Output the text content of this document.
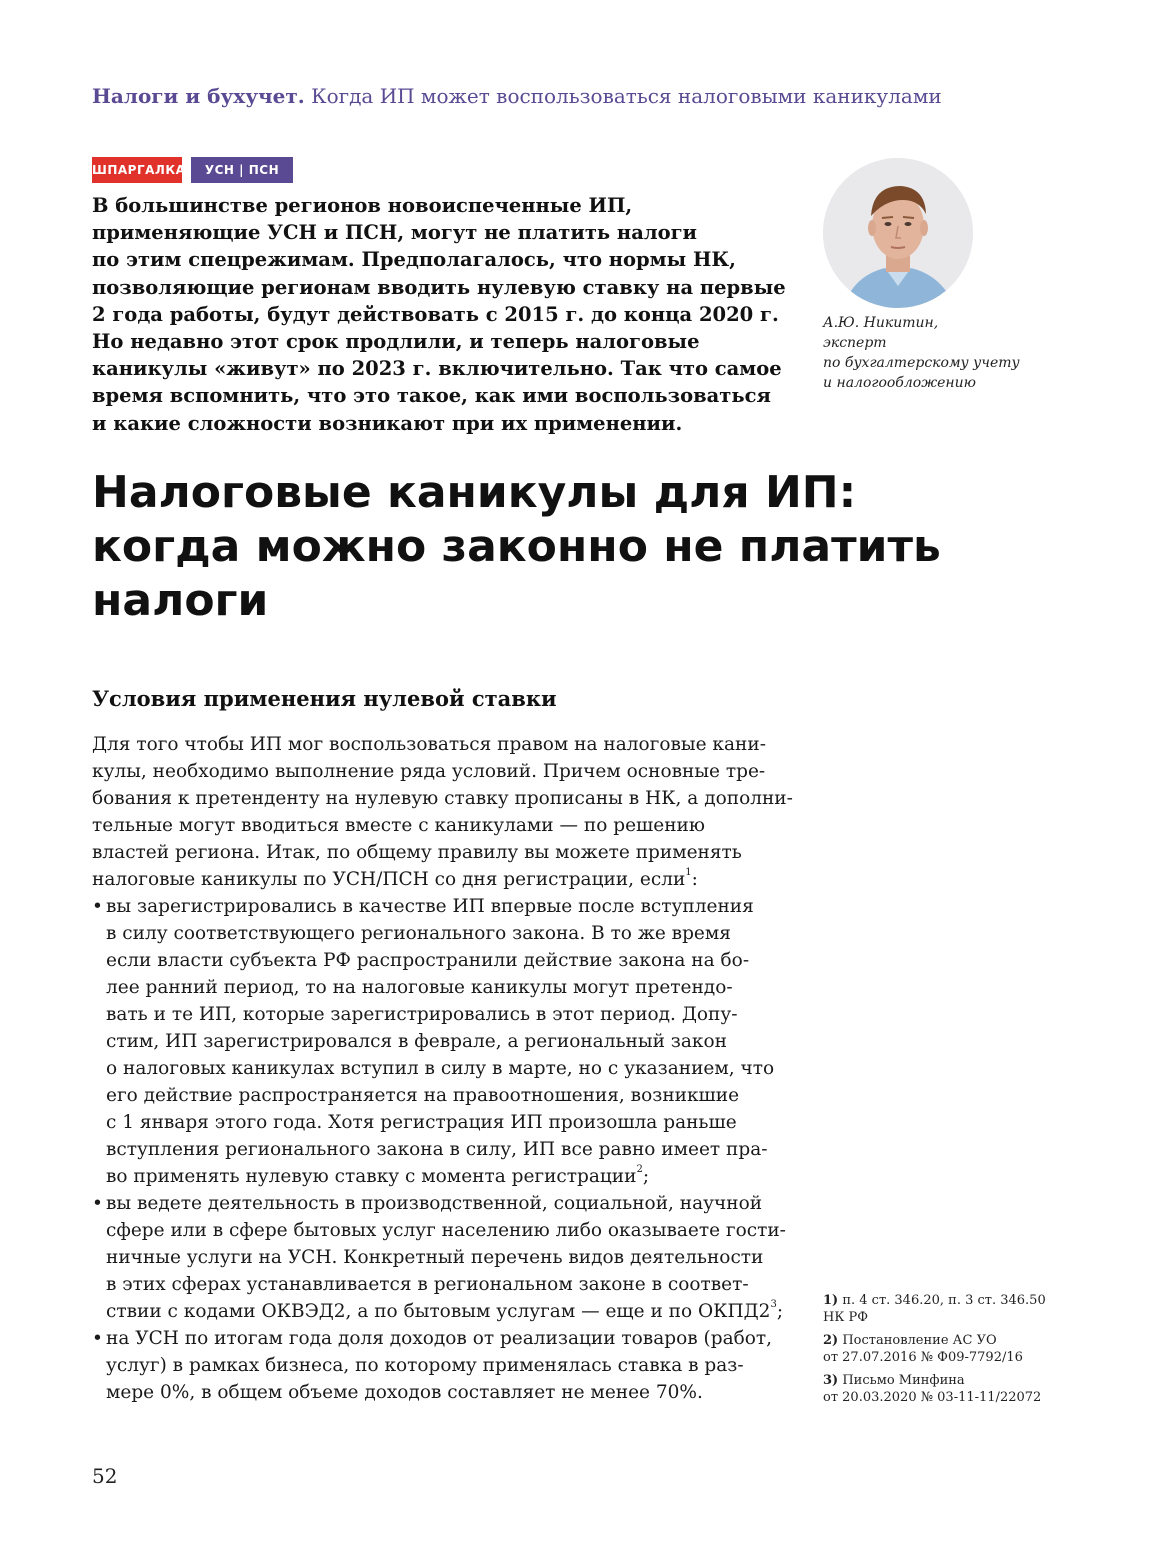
Налоги и бухучет. Когда ИП может воспользоваться налоговыми каникулами
ШПАРГАЛКА	УСН | ПСН

В большинстве регионов новоиспеченные ИП,

применяющие УСН и ПСН, могут не платить налоги

по этим спецрежимам. Предполагалось, что нормы НК,

позволяющие регионам вводить нулевую ставку на первые

2 года работы, будут действовать с 2015 г. до конца 2020 г.

Но недавно этот срок продлили, и теперь налоговые

каникулы «живут» по 2023 г. включительно. Так что самое

время вспомнить, что это такое, как ими воспользоваться

и какие сложности возникают при их применении.

А.Ю. Никитин,

эксперт

по бухгалтерскому учету

и налогообложению

Налоговые каникулы для ИП:

когда можно законно не платить

налоги

Условия применения нулевой ставки
Для того чтобы ИП мог воспользоваться правом на налоговые кани-
кулы, необходимо выполнение ряда условий. Причем основные тре-
бования к претенденту на нулевую ставку прописаны в НК, а дополни-
тельные могут вводиться вместе с каникулами — по решению
властей региона. Итак, по общему правилу вы можете применять
налоговые каникулы по УСН/ПСН со дня регистрации, если$^1$:
• вы зарегистрировались в качестве ИП впервые после вступления
в силу соответствующего регионального закона. В то же время
если власти субъекта РФ распространили действие закона на бо-
лее ранний период, то на налоговые каникулы могут претендо-
вать и те ИП, которые зарегистрировались в этот период. Допу-
стим, ИП зарегистрировался в феврале, а региональный закон
о налоговых каникулах вступил в силу в марте, но с указанием, что
его действие распространяется на правоотношения, возникшие
с 1 января этого года. Хотя регистрация ИП произошла раньше
вступления регионального закона в силу, ИП все равно имеет пра-
во применять нулевую ставку с момента регистрации$^2$;
• вы ведете деятельность в производственной, социальной, научной
сфере или в сфере бытовых услуг населению либо оказываете гости-
ничные услуги на УСН. Конкретный перечень видов деятельности
в этих сферах устанавливается в региональном законе в соответ-
ствии с кодами ОКВЭД2, а по бытовым услугам — еще и по $ОКПД2^3$;
• на УСН по итогам года доля доходов от реализации товаров (работ,
услуг) в рамках бизнеса, по которому применялась ставка в раз-
мере 0%, в общем объеме доходов составляет не менее 70%.

1) п. 4 ст. 346.20, п. 3 ст. 346.50

НК РФ

2) Постановление АС УО

от 27.07.2016 № Ф09-7792/16

3) Письмо Минфина

от 20.03.2020 № 03-11-11/22072

52
